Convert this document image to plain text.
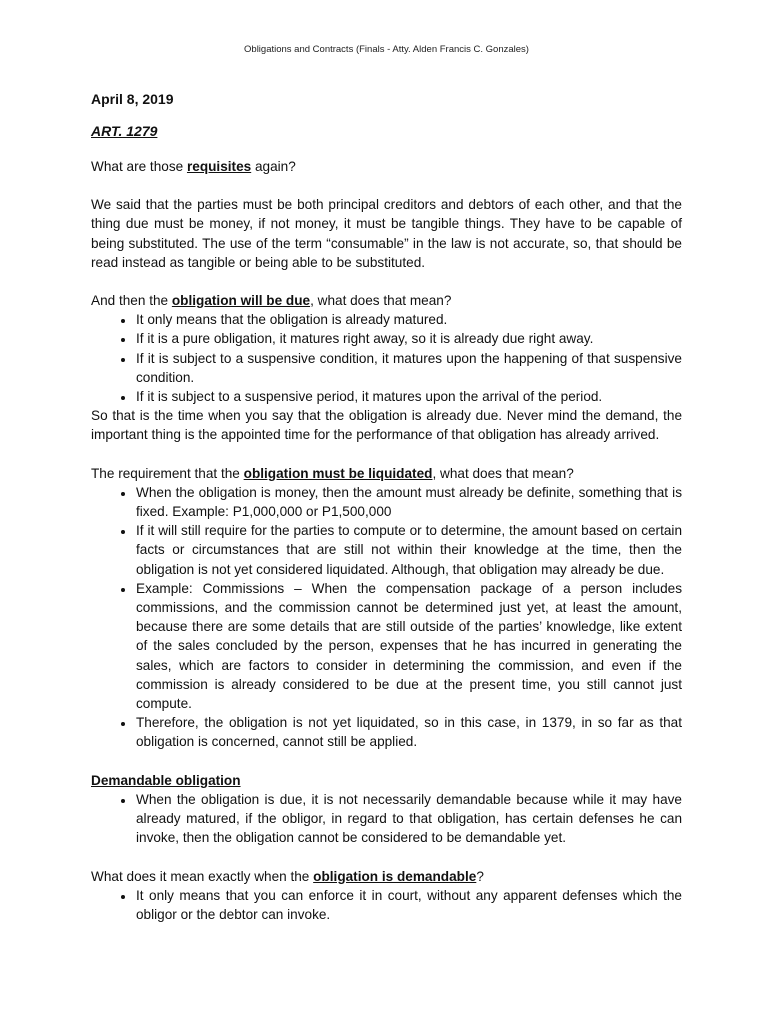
Obligations and Contracts (Finals - Atty. Alden Francis C. Gonzales)
April 8, 2019
ART. 1279

What are those requisites again?

We said that the parties must be both principal creditors and debtors of each other, and that the thing due must be money, if not money, it must be tangible things. They have to be capable of being substituted. The use of the term “consumable” in the law is not accurate, so, that should be read instead as tangible or being able to be substituted.

And then the obligation will be due, what does that mean?

• It only means that the obligation is already matured.
• If it is a pure obligation, it matures right away, so it is already due right away.
• If it is subject to a suspensive condition, it matures upon the happening of that suspensive condition.
• If it is subject to a suspensive period, it matures upon the arrival of the period.

So that is the time when you say that the obligation is already due. Never mind the demand, the important thing is the appointed time for the performance of that obligation has already arrived.

The requirement that the obligation must be liquidated, what does that mean?

• When the obligation is money, then the amount must already be definite, something that is fixed. Example: P1,000,000 or P1,500,000
• If it will still require for the parties to compute or to determine, the amount based on certain facts or circumstances that are still not within their knowledge at the time, then the obligation is not yet considered liquidated. Although, that obligation may already be due.
• Example: Commissions – When the compensation package of a person includes commissions, and the commission cannot be determined just yet, at least the amount, because there are some details that are still outside of the parties’ knowledge, like extent of the sales concluded by the person, expenses that he has incurred in generating the sales, which are factors to consider in determining the commission, and even if the commission is already considered to be due at the present time, you still cannot just compute.
• Therefore, the obligation is not yet liquidated, so in this case, in 1379, in so far as that obligation is concerned, cannot still be applied.
Demandable obligation
• When the obligation is due, it is not necessarily demandable because while it may have already matured, if the obligor, in regard to that obligation, has certain defenses he can invoke, then the obligation cannot be considered to be demandable yet.

What does it mean exactly when the obligation is demandable?

• It only means that you can enforce it in court, without any apparent defenses which the obligor or the debtor can invoke.
